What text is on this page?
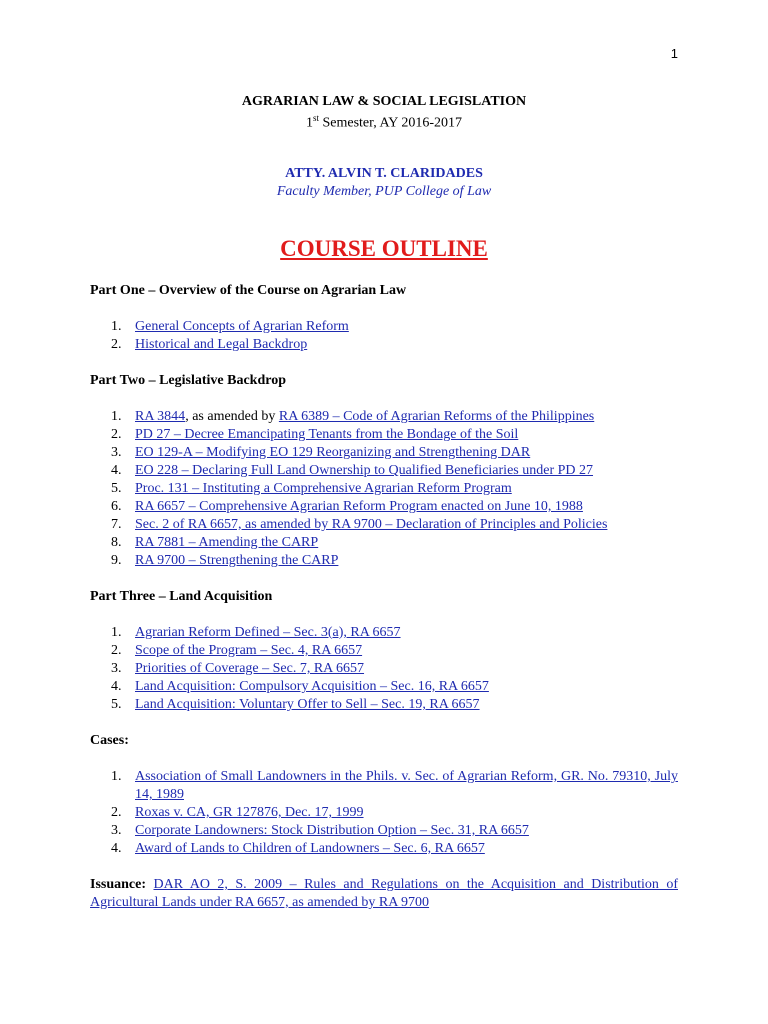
1
AGRARIAN LAW & SOCIAL LEGISLATION
1st Semester, AY 2016-2017
ATTY. ALVIN T. CLARIDADES
Faculty Member, PUP College of Law
COURSE OUTLINE

Part One – Overview of the Course on Agrarian Law

1. General Concepts of Agrarian Reform
2. Historical and Legal Backdrop

Part Two – Legislative Backdrop

1. RA 3844, as amended by RA 6389 – Code of Agrarian Reforms of the Philippines
2. PD 27 – Decree Emancipating Tenants from the Bondage of the Soil
3. EO 129-A – Modifying EO 129 Reorganizing and Strengthening DAR
4. EO 228 – Declaring Full Land Ownership to Qualified Beneficiaries under PD 27
5. Proc. 131 – Instituting a Comprehensive Agrarian Reform Program
6. RA 6657 – Comprehensive Agrarian Reform Program enacted on June 10, 1988
7. Sec. 2 of RA 6657, as amended by RA 9700 – Declaration of Principles and Policies
8. RA 7881 – Amending the CARP
9. RA 9700 – Strengthening the CARP

Part Three – Land Acquisition

1. Agrarian Reform Defined – Sec. 3(a), RA 6657
2. Scope of the Program – Sec. 4, RA 6657
3. Priorities of Coverage – Sec. 7, RA 6657
4. Land Acquisition: Compulsory Acquisition – Sec. 16, RA 6657
5. Land Acquisition: Voluntary Offer to Sell – Sec. 19, RA 6657

Cases:

1. Association of Small Landowners in the Phils. v. Sec. of Agrarian Reform, GR. No. 79310, July 14, 1989
2. Roxas v. CA, GR 127876, Dec. 17, 1999
3. Corporate Landowners: Stock Distribution Option – Sec. 31, RA 6657
4. Award of Lands to Children of Landowners – Sec. 6, RA 6657

Issuance: DAR AO 2, S. 2009 – Rules and Regulations on the Acquisition and Distribution of Agricultural Lands under RA 6657, as amended by RA 9700
